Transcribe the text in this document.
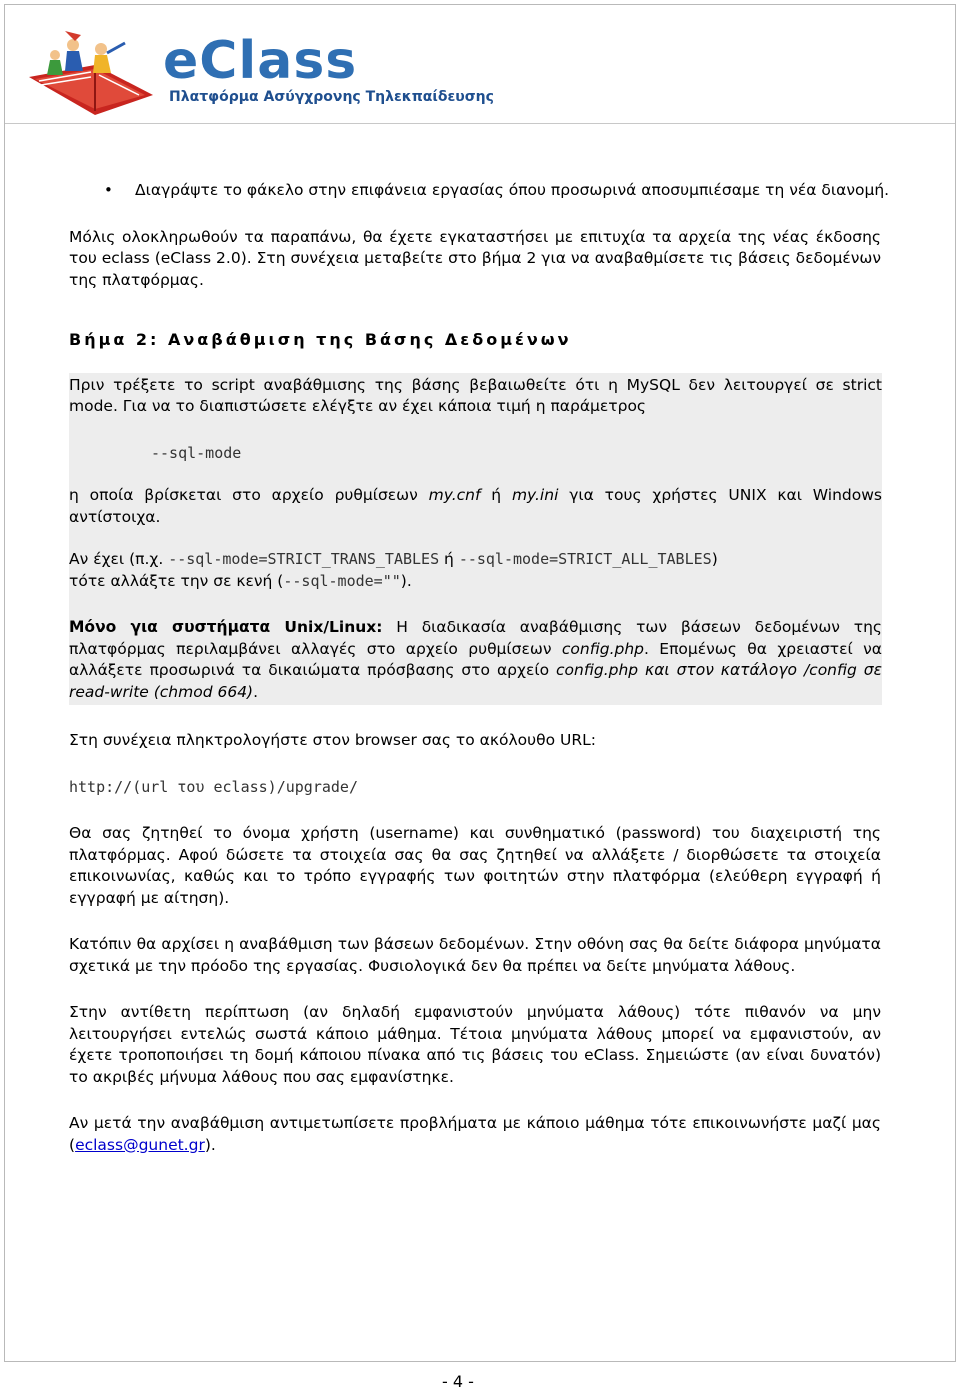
eClass
Πλατφόρμα Ασύγχρονης Τηλεκπαίδευσης
•	Διαγράψτε το φάκελο στην επιφάνεια εργασίας όπου προσωρινά αποσυμπιέσαμε τη νέα διανομή.

Μόλις ολοκληρωθούν τα παραπάνω, θα έχετε εγκαταστήσει με επιτυχία τα αρχεία της νέας έκδοσης του eclass (eClass 2.0). Στη συνέχεια μεταβείτε στο βήμα 2 για να αναβαθμίσετε τις βάσεις δεδομένων της πλατφόρμας.

Βήμα 2: Αναβάθμιση της Βάσης Δεδομένων

Πριν τρέξετε το script αναβάθμισης της βάσης βεβαιωθείτε ότι η MySQL δεν λειτουργεί σε strict mode. Για να το διαπιστώσετε ελέγξτε αν έχει κάποια τιμή η παράμετρος

--sql-mode

η οποία βρίσκεται στο αρχείο ρυθμίσεων my.cnf ή my.ini για τους χρήστες UNIX και Windows αντίστοιχα.

Αν έχει (π.χ. --sql-mode=STRICT_TRANS_TABLES ή --sql-mode=STRICT_ALL_TABLES)
τότε αλλάξτε την σε κενή (--sql-mode="").

Μόνο για συστήματα Unix/Linux: Η διαδικασία αναβάθμισης των βάσεων δεδομένων της πλατφόρμας περιλαμβάνει αλλαγές στο αρχείο ρυθμίσεων config.php. Επομένως θα χρειαστεί να αλλάξετε προσωρινά τα δικαιώματα πρόσβασης στο αρχείο config.php και στον κατάλογο /config σε read-write (chmod 664).

Στη συνέχεια πληκτρολογήστε στον browser σας το ακόλουθο URL:

http://(url του eclass)/upgrade/

Θα σας ζητηθεί το όνομα χρήστη (username) και συνθηματικό (password) του διαχειριστή της πλατφόρμας. Αφού δώσετε τα στοιχεία σας θα σας ζητηθεί να αλλάξετε / διορθώσετε τα στοιχεία επικοινωνίας, καθώς και το τρόπο εγγραφής των φοιτητών στην πλατφόρμα (ελεύθερη εγγραφή ή εγγραφή με αίτηση).

Κατόπιν θα αρχίσει η αναβάθμιση των βάσεων δεδομένων. Στην οθόνη σας θα δείτε διάφορα μηνύματα σχετικά με την πρόοδο της εργασίας. Φυσιολογικά δεν θα πρέπει να δείτε μηνύματα λάθους.

Στην αντίθετη περίπτωση (αν δηλαδή εμφανιστούν μηνύματα λάθους) τότε πιθανόν να μην λειτουργήσει εντελώς σωστά κάποιο μάθημα. Τέτοια μηνύματα λάθους μπορεί να εμφανιστούν, αν έχετε τροποποιήσει τη δομή κάποιου πίνακα από τις βάσεις του eClass. Σημειώστε (αν είναι δυνατόν) το ακριβές μήνυμα λάθους που σας εμφανίστηκε.

Αν μετά την αναβάθμιση αντιμετωπίσετε προβλήματα με κάποιο μάθημα τότε επικοινωνήστε μαζί μας (eclass@gunet.gr).

- 4 -
